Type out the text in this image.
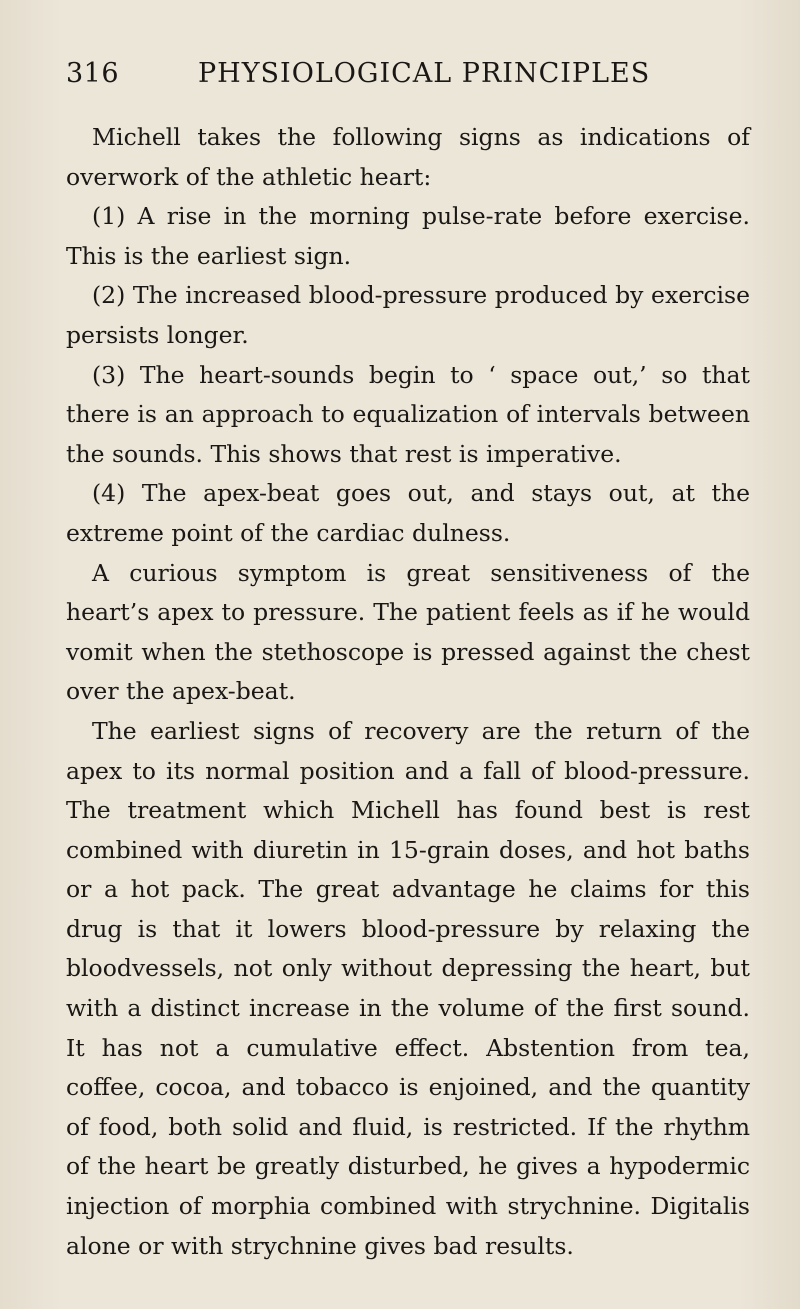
316	PHYSIOLOGICAL PRINCIPLES

Michell takes the following signs as indications of overwork of the athletic heart:

(1) A rise in the morning pulse-rate before exercise. This is the earliest sign.

(2) The increased blood-pressure produced by exercise persists longer.

(3) The heart-sounds begin to ‘ space out,’ so that there is an approach to equalization of intervals between the sounds. This shows that rest is imperative.

(4) The apex-beat goes out, and stays out, at the extreme point of the cardiac dulness.

A curious symptom is great sensitiveness of the heart’s apex to pressure. The patient feels as if he would vomit when the stethoscope is pressed against the chest over the apex-beat.

The earliest signs of recovery are the return of the apex to its normal position and a fall of blood-pressure. The treatment which Michell has found best is rest combined with diuretin in 15-grain doses, and hot baths or a hot pack. The great advantage he claims for this drug is that it lowers blood-pressure by relaxing the bloodvessels, not only without depressing the heart, but with a distinct increase in the volume of the first sound. It has not a cumulative effect. Abstention from tea, coffee, cocoa, and tobacco is enjoined, and the quantity of food, both solid and fluid, is restricted. If the rhythm of the heart be greatly disturbed, he gives a hypodermic injection of morphia combined with strychnine. Digitalis alone or with strychnine gives bad results.
